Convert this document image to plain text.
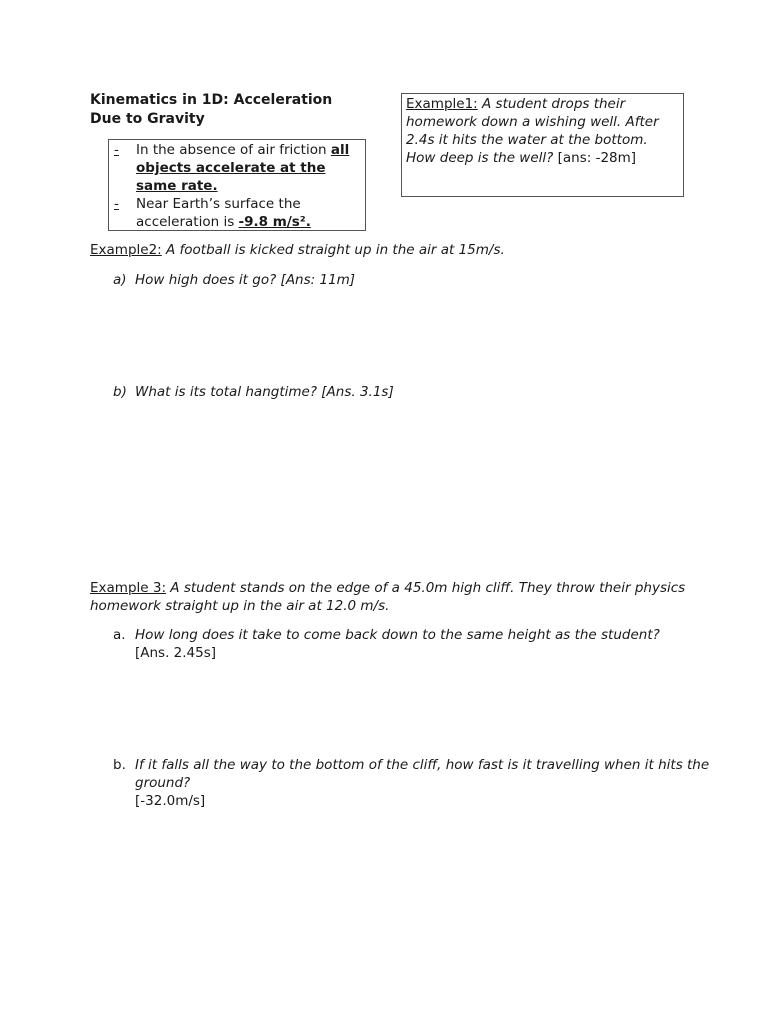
Kinematics in 1D: Acceleration Due to Gravity
-	In the absence of air friction all objects accelerate at the same rate.
-	Near Earth’s surface the acceleration is -9.8 m/s².
Example1: A student drops their homework down a wishing well. After 2.4s it hits the water at the bottom. How deep is the well? [ans: -28m]
Example2: A football is kicked straight up in the air at 15m/s.
a) How high does it go? [Ans: 11m]
b) What is its total hangtime? [Ans. 3.1s]
Example 3: A student stands on the edge of a 45.0m high cliff. They throw their physics homework straight up in the air at 12.0 m/s.
a. How long does it take to come back down to the same height as the student?
[Ans. 2.45s]
b. If it falls all the way to the bottom of the cliff, how fast is it travelling when it hits the ground?
[-32.0m/s]
